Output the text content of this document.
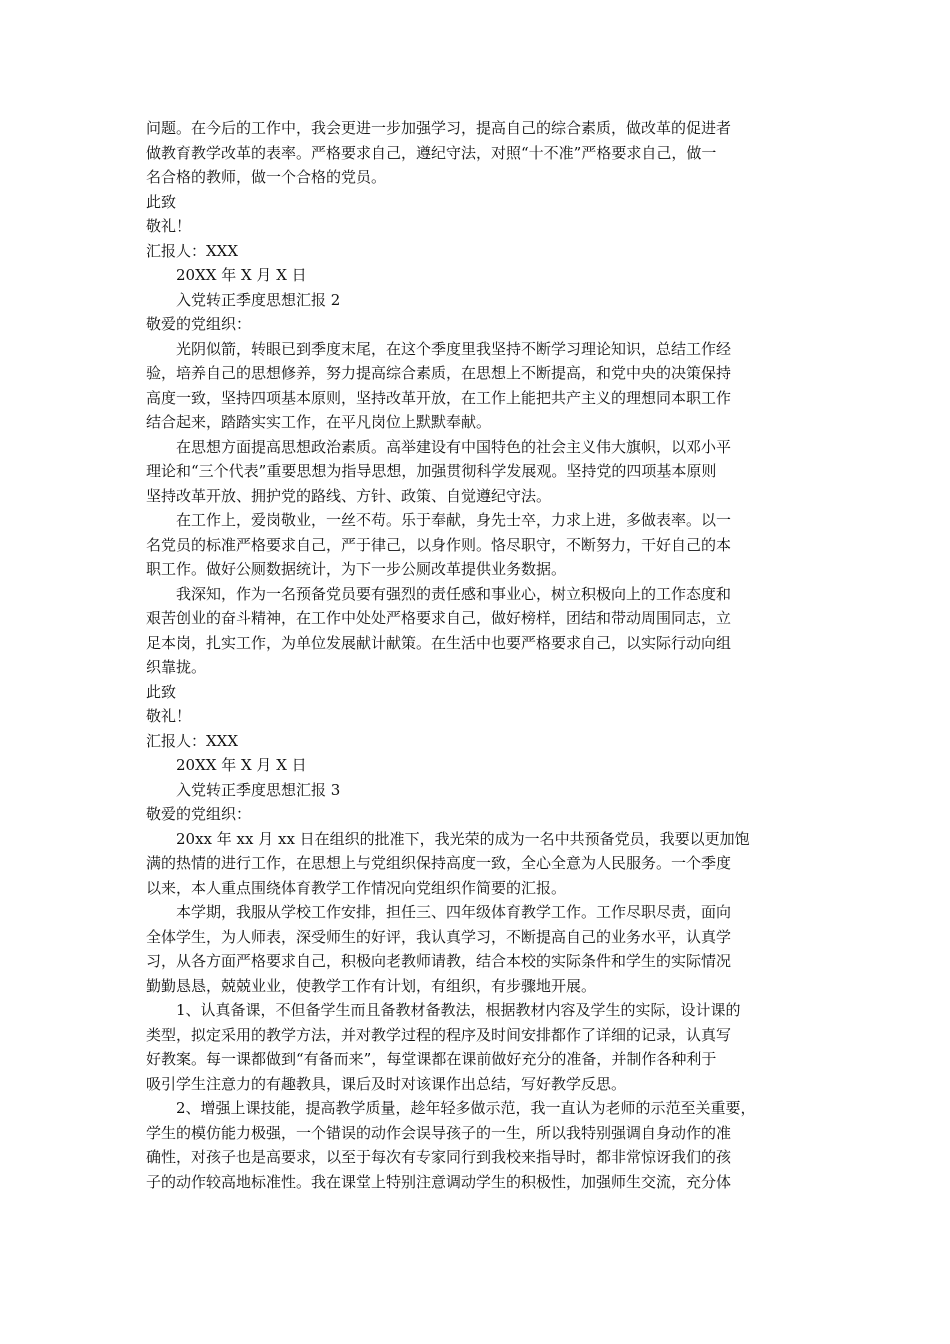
问题。在今后的工作中，我会更进一步加强学习，提高自己的综合素质，做改革的促进者
做教育教学改革的表率。严格要求自己，遵纪守法，对照“十不准”严格要求自己，做一
名合格的教师，做一个合格的党员。
此致
敬礼！
汇报人：XXX
20XX 年 X 月 X 日
入党转正季度思想汇报 2
敬爱的党组织：
光阴似箭，转眼已到季度末尾，在这个季度里我坚持不断学习理论知识，总结工作经
验，培养自己的思想修养，努力提高综合素质，在思想上不断提高，和党中央的决策保持
高度一致，坚持四项基本原则，坚持改革开放，在工作上能把共产主义的理想同本职工作
结合起来，踏踏实实工作，在平凡岗位上默默奉献。
在思想方面提高思想政治素质。高举建设有中国特色的社会主义伟大旗帜，以邓小平
理论和“三个代表”重要思想为指导思想，加强贯彻科学发展观。坚持党的四项基本原则
坚持改革开放、拥护党的路线、方针、政策、自觉遵纪守法。
在工作上，爱岗敬业，一丝不苟。乐于奉献，身先士卒，力求上进，多做表率。以一
名党员的标准严格要求自己，严于律己，以身作则。恪尽职守，不断努力，干好自己的本
职工作。做好公厕数据统计，为下一步公厕改革提供业务数据。
我深知，作为一名预备党员要有强烈的责任感和事业心，树立积极向上的工作态度和
艰苦创业的奋斗精神，在工作中处处严格要求自己，做好榜样，团结和带动周围同志，立
足本岗，扎实工作，为单位发展献计献策。在生活中也要严格要求自己，以实际行动向组
织靠拢。
此致
敬礼！
汇报人：XXX
20XX 年 X 月 X 日
入党转正季度思想汇报 3
敬爱的党组织：
20xx 年 xx 月 xx 日在组织的批准下，我光荣的成为一名中共预备党员，我要以更加饱
满的热情的进行工作，在思想上与党组织保持高度一致，全心全意为人民服务。一个季度
以来，本人重点围绕体育教学工作情况向党组织作简要的汇报。
本学期，我服从学校工作安排，担任三、四年级体育教学工作。工作尽职尽责，面向
全体学生，为人师表，深受师生的好评，我认真学习，不断提高自己的业务水平，认真学
习，从各方面严格要求自己，积极向老教师请教，结合本校的实际条件和学生的实际情况
勤勤恳恳，兢兢业业，使教学工作有计划，有组织，有步骤地开展。
1、认真备课，不但备学生而且备教材备教法，根据教材内容及学生的实际，设计课的
类型，拟定采用的教学方法，并对教学过程的程序及时间安排都作了详细的记录，认真写
好教案。每一课都做到“有备而来”，每堂课都在课前做好充分的准备，并制作各种利于
吸引学生注意力的有趣教具，课后及时对该课作出总结，写好教学反思。
2、增强上课技能，提高教学质量，趁年轻多做示范，我一直认为老师的示范至关重要，
学生的模仿能力极强，一个错误的动作会误导孩子的一生，所以我特别强调自身动作的准
确性，对孩子也是高要求，以至于每次有专家同行到我校来指导时，都非常惊讶我们的孩
子的动作较高地标准性。我在课堂上特别注意调动学生的积极性，加强师生交流，充分体
